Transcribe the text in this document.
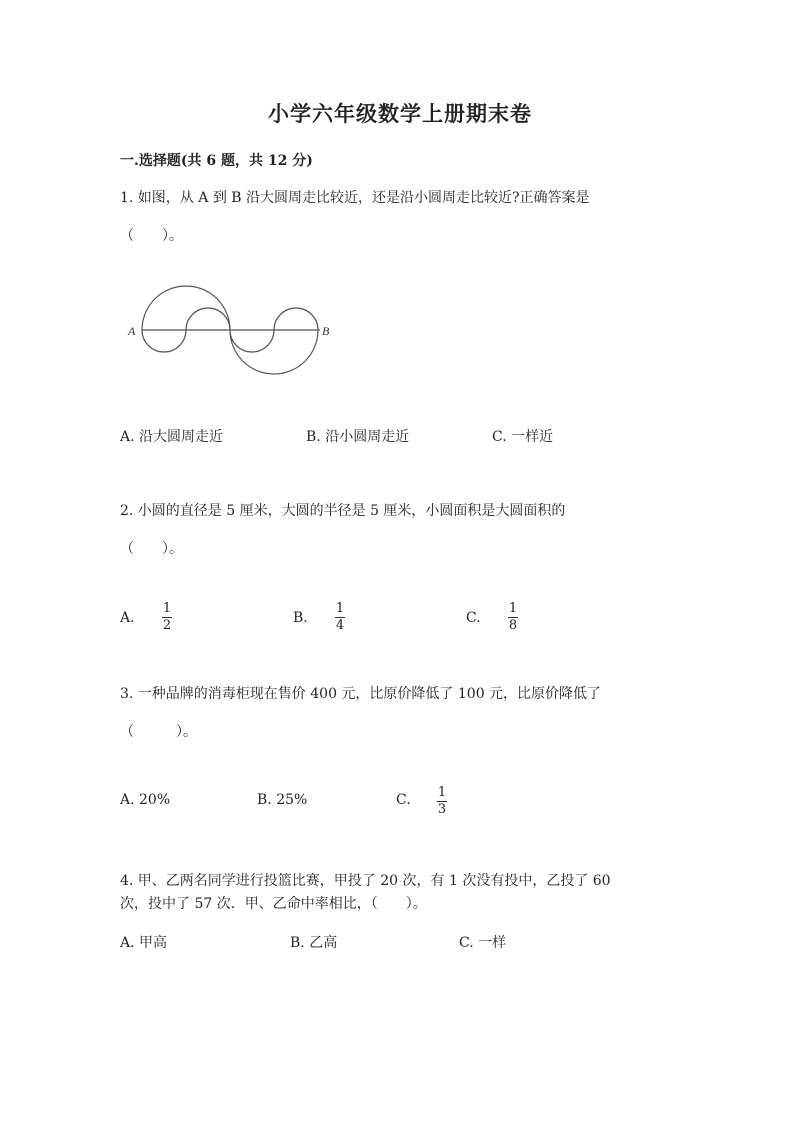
小学六年级数学上册期末卷
一.选择题(共 6 题，共 12 分)
1. 如图，从 A 到 B 沿大圆周走比较近，还是沿小圆周走比较近?正确答案是
（　　）。
A	B
A. 沿大圆周走近	B. 沿小圆周走近	C. 一样近
2. 小圆的直径是 5 厘米，大圆的半径是 5 厘米，小圆面积是大圆面积的
（　　）。
A.
1
2	B.
1
4	C.
1
8
3. 一种品牌的消毒柜现在售价 400 元，比原价降低了 100 元，比原价降低了
（　　　）。
A. 20%	B. 25%	C. 1
3
4. 甲、乙两名同学进行投篮比赛，甲投了 20 次，有 1 次没有投中，乙投了 60
次，投中了 57 次．甲、乙命中率相比，（　　）。
A. 甲高	B. 乙高	C. 一样
